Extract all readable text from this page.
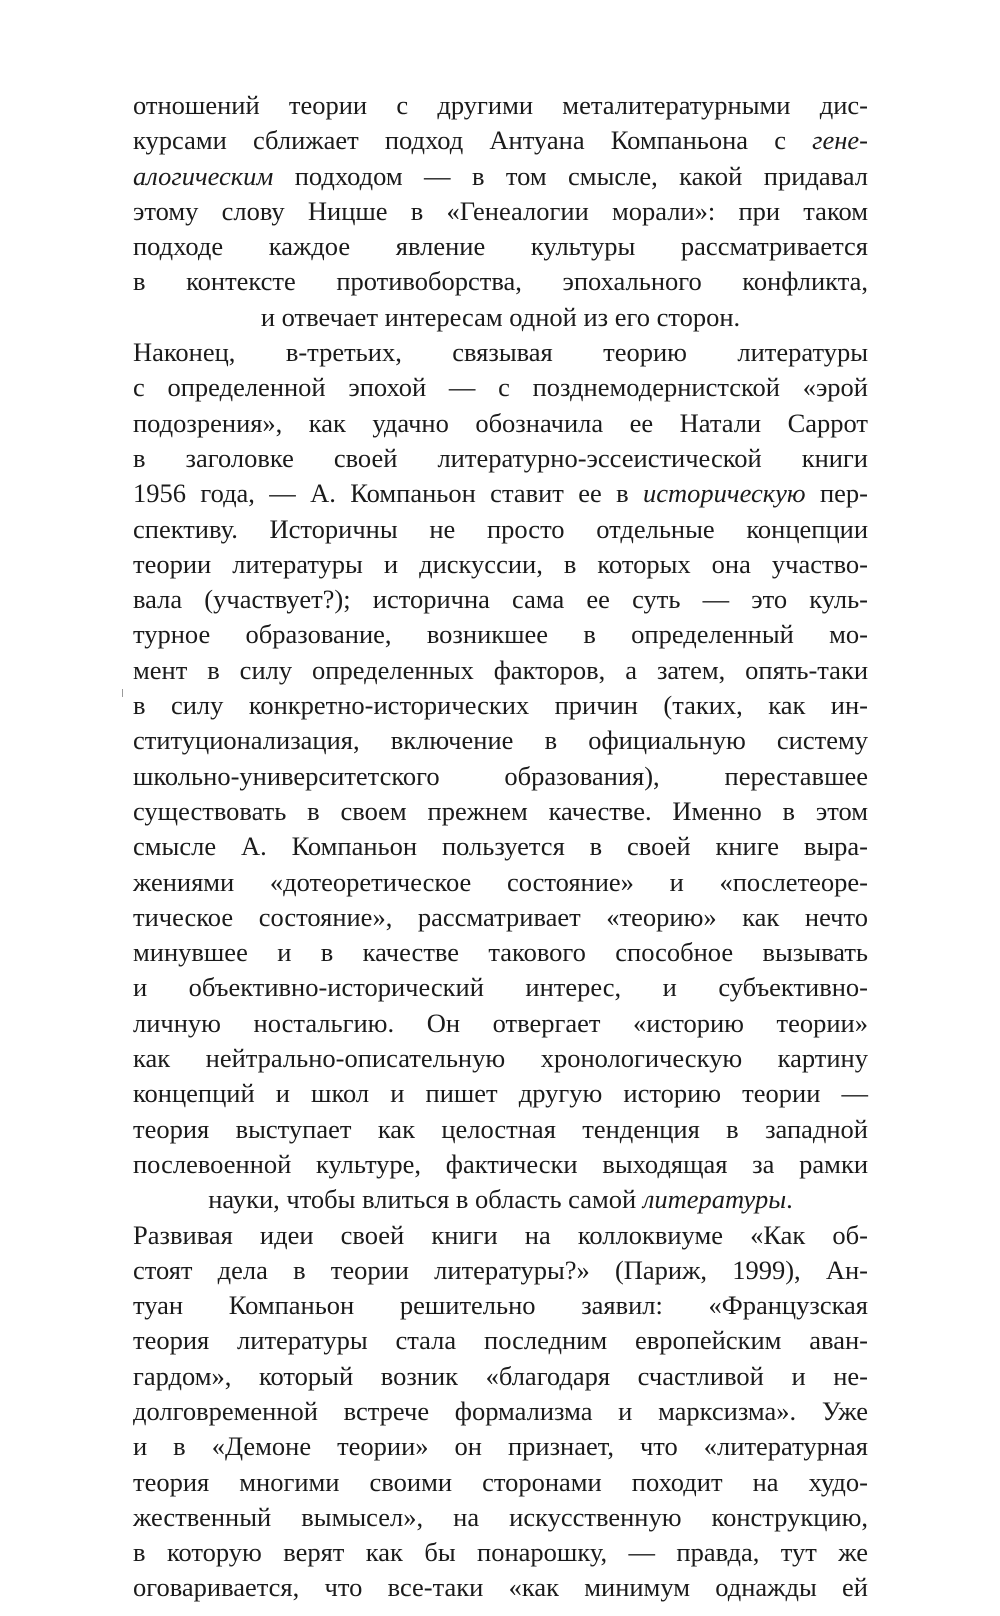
отношений теории с другими металитературными дис-
курсами сближает подход Антуана Компаньона с гене-
алогическим подходом — в том смысле, какой придавал
этому слову Ницше в «Генеалогии морали»: при таком
подходе каждое явление культуры рассматривается
в контексте противоборства, эпохального конфликта,
и отвечает интересам одной из его сторон.
Наконец, в-третьих, связывая теорию литературы
с определенной эпохой — с позднемодернистской «эрой
подозрения», как удачно обозначила ее Натали Саррот
в заголовке своей литературно-эссеистической книги
1956 года, — А. Компаньон ставит ее в историческую пер-
спективу. Историчны не просто отдельные концепции
теории литературы и дискуссии, в которых она участво-
вала (участвует?); исторична сама ее суть — это куль-
турное образование, возникшее в определенный мо-
мент в силу определенных факторов, а затем, опять-таки
в силу конкретно-исторических причин (таких, как ин-
ституционализация, включение в официальную систему
школьно-университетского образования), переставшее
существовать в своем прежнем качестве. Именно в этом
смысле А. Компаньон пользуется в своей книге выра-
жениями «дотеоретическое состояние» и «послетеоре-
тическое состояние», рассматривает «теорию» как нечто
минувшее и в качестве такового способное вызывать
и объективно-исторический интерес, и субъективно-
личную ностальгию. Он отвергает «историю теории»
как нейтрально-описательную хронологическую картину
концепций и школ и пишет другую историю теории —
теория выступает как целостная тенденция в западной
послевоенной культуре, фактически выходящая за рамки
науки, чтобы влиться в область самой литературы.
Развивая идеи своей книги на коллоквиуме «Как об-
стоят дела в теории литературы?» (Париж, 1999), Ан-
туан Компаньон решительно заявил: «Французская
теория литературы стала последним европейским аван-
гардом», который возник «благодаря счастливой и не-
долговременной встрече формализма и марксизма». Уже
и в «Демоне теории» он признает, что «литературная
теория многими своими сторонами походит на худо-
жественный вымысел», на искусственную конструкцию,
в которую верят как бы понарошку, — правда, тут же
оговаривается, что все-таки «как минимум однажды ей
